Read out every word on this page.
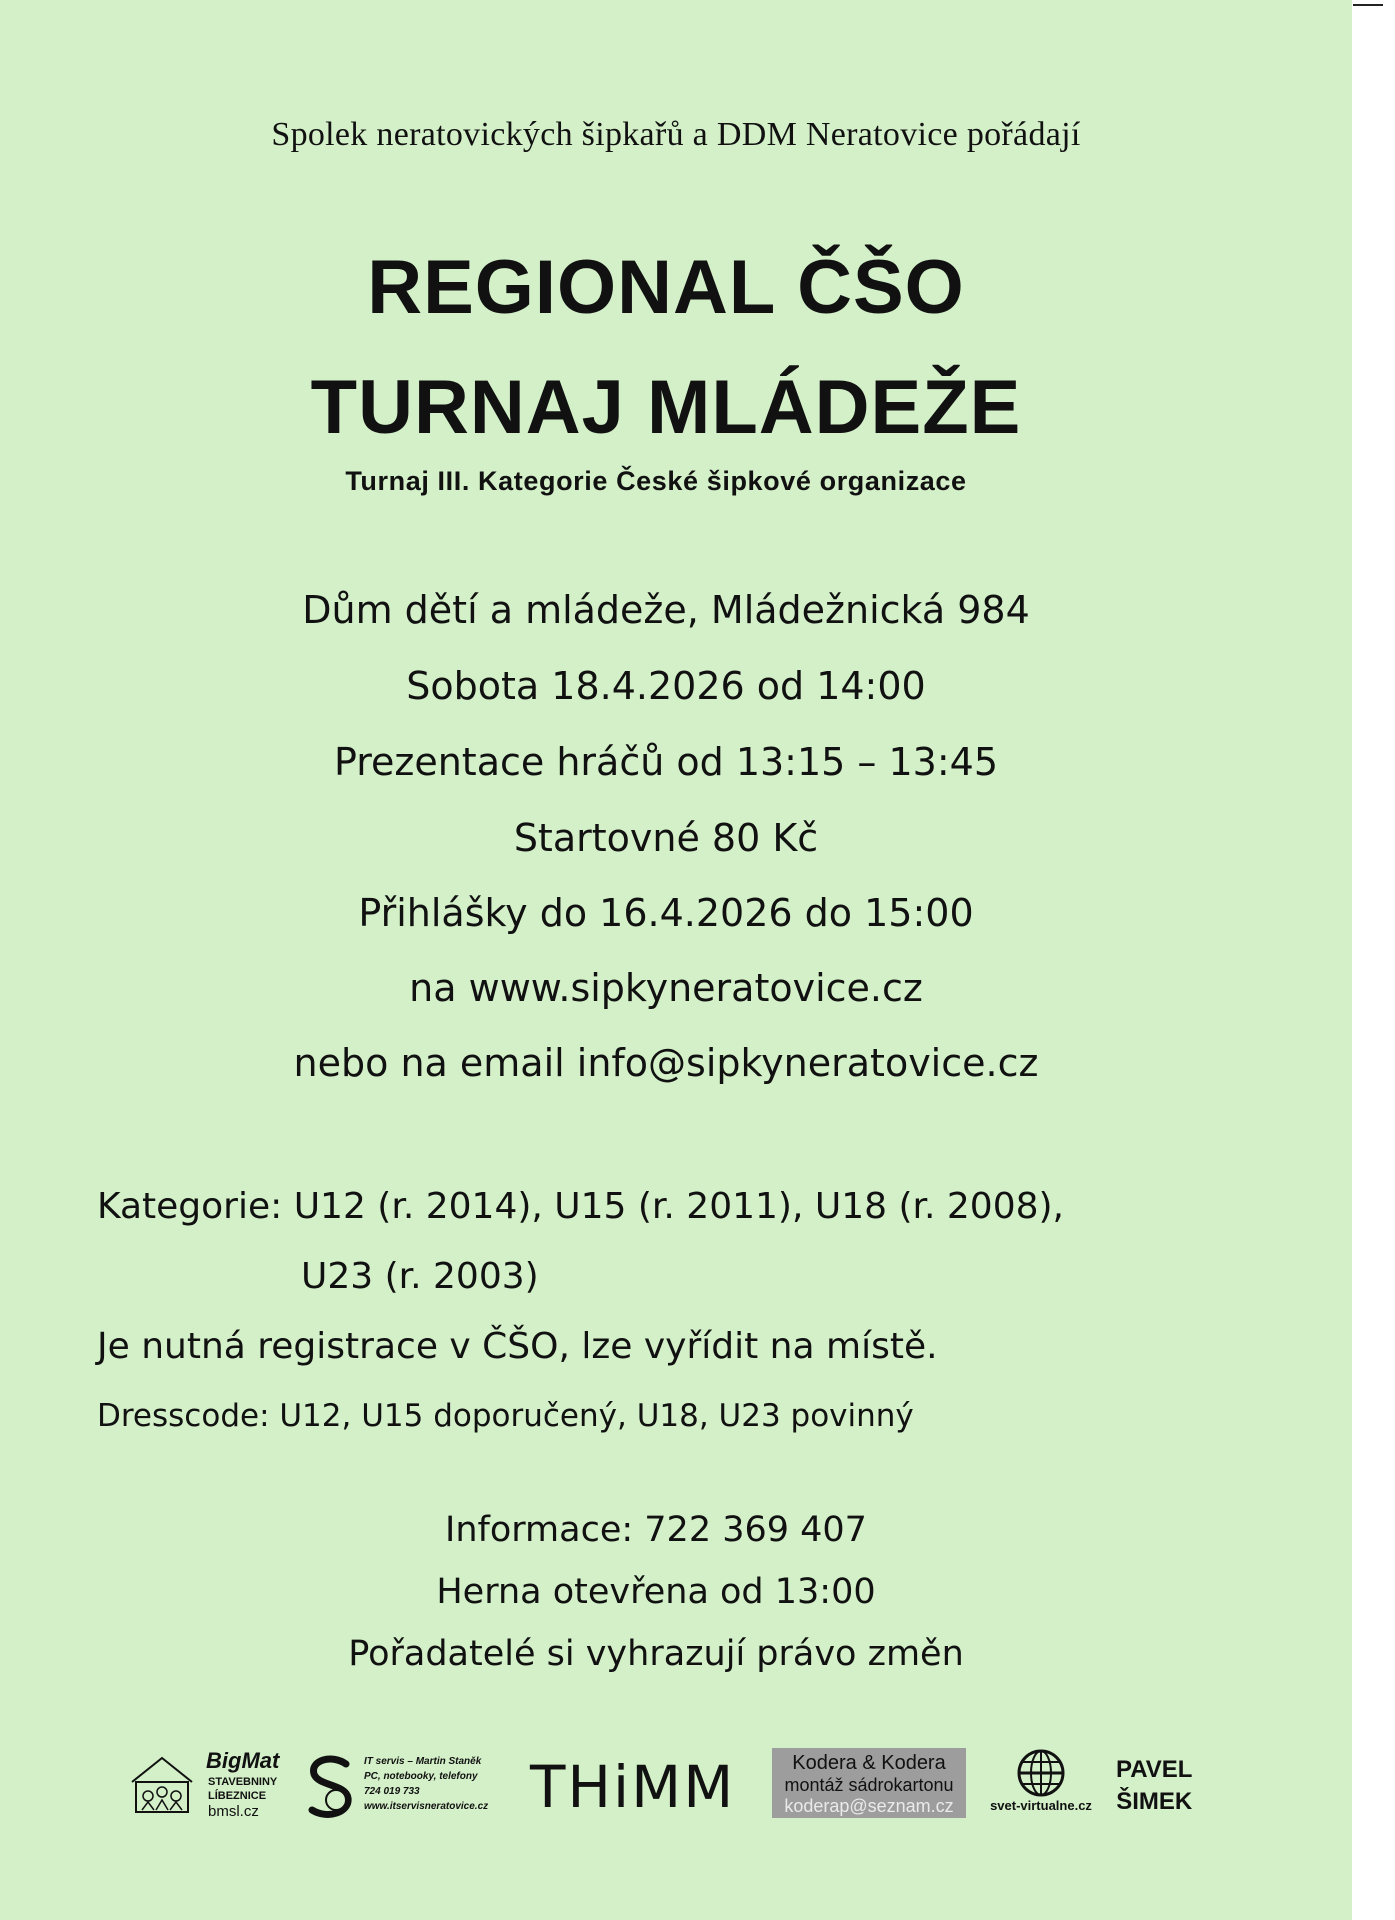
Spolek neratovických šipkařů a DDM Neratovice pořádají
REGIONAL ČŠO
TURNAJ MLÁDEŽE
Turnaj III. Kategorie České šipkové organizace
Dům dětí a mládeže, Mládežnická 984
Sobota 18.4.2026 od 14:00
Prezentace hráčů od 13:15 – 13:45
Startovné 80 Kč
Přihlášky do 16.4.2026 do 15:00
na www.sipkyneratovice.cz
nebo na email info@sipkyneratovice.cz
Kategorie: U12 (r. 2014), U15 (r. 2011), U18 (r. 2008),
U23 (r. 2003)
Je nutná registrace v ČŠO, lze vyřídit na místě.
Dresscode: U12, U15 doporučený, U18, U23 povinný
Informace: 722 369 407
Herna otevřena od 13:00
Pořadatelé si vyhrazují právo změn
BigMat
STAVEBNINY
LÍBEZNICE
bmsl.cz
IT servis – Martin Staněk
PC, notebooky, telefony
724 019 733
www.itservisneratovice.cz THiMM	Kodera & Kodera
montáž sádrokartonu
koderap@seznam.cz	svet-virtualne.cz
PAVEL
ŠIMEK
